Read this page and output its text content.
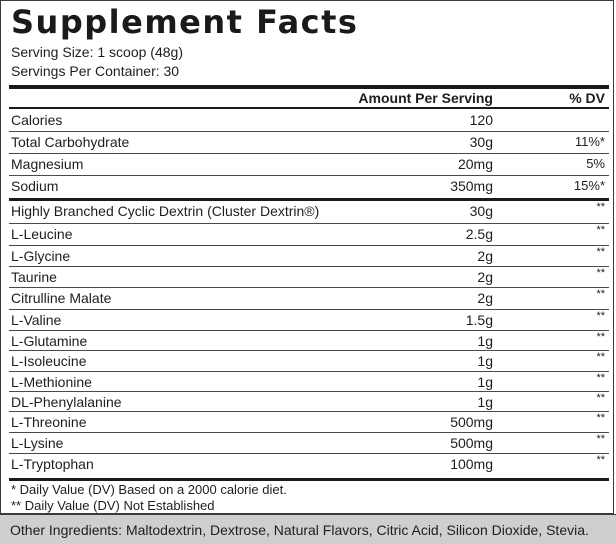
Supplement Facts
Serving Size: 1 scoop (48g)
Servings Per Container: 30
Amount Per Serving	% DV
Calories	120
Total Carbohydrate	30g	11%*
Magnesium	20mg	5%
Sodium	350mg	15%*
Highly Branched Cyclic Dextrin (Cluster Dextrin®)	30g	**
L-Leucine	2.5g	**
L-Glycine	2g	**
Taurine	2g	**
Citrulline Malate	2g	**
L-Valine	1.5g	**
L-Glutamine	1g	**
L-Isoleucine	1g	**
L-Methionine	1g	**
DL-Phenylalanine	1g	**
L-Threonine	500mg	**
L-Lysine	500mg	**
L-Tryptophan	100mg	**
* Daily Value (DV) Based on a 2000 calorie diet.
** Daily Value (DV) Not Established
Other Ingredients: Maltodextrin, Dextrose, Natural Flavors, Citric Acid, Silicon Dioxide, Stevia.
